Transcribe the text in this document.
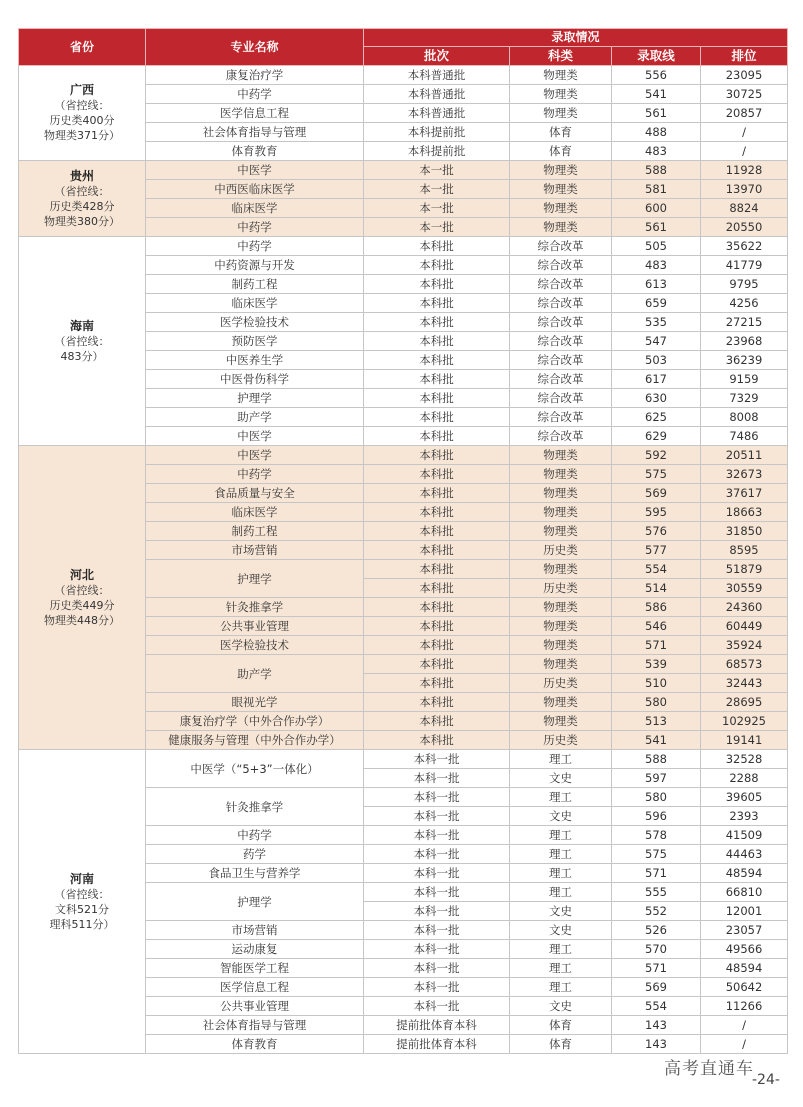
省份	专业名称	录取情况			
		批次	科类	录取线	排位

广西
（省控线：
历史类400分
物理类371分）	康复治疗学	本科普通批	物理类	556	23095
	中药学	本科普通批	物理类	541	30725
	医学信息工程	本科普通批	物理类	561	20857
	社会体育指导与管理	本科提前批	体育	488	/
	体育教育	本科提前批	体育	483	/

贵州
（省控线：
历史类428分
物理类380分）	中医学	本一批	物理类	588	11928
	中西医临床医学	本一批	物理类	581	13970
	临床医学	本一批	物理类	600	8824
	中药学	本一批	物理类	561	20550

海南
（省控线：
483分）	中药学	本科批	综合改革	505	35622
	中药资源与开发	本科批	综合改革	483	41779
	制药工程	本科批	综合改革	613	9795
	临床医学	本科批	综合改革	659	4256
	医学检验技术	本科批	综合改革	535	27215
	预防医学	本科批	综合改革	547	23968
	中医养生学	本科批	综合改革	503	36239
	中医骨伤科学	本科批	综合改革	617	9159
	护理学	本科批	综合改革	630	7329
	助产学	本科批	综合改革	625	8008
	中医学	本科批	综合改革	629	7486

河北
（省控线：
历史类449分
物理类448分）	中医学	本科批	物理类	592	20511
	中药学	本科批	物理类	575	32673
	食品质量与安全	本科批	物理类	569	37617
	临床医学	本科批	物理类	595	18663
	制药工程	本科批	物理类	576	31850
	市场营销	本科批	历史类	577	8595
	护理学	本科批	物理类	554	51879
		本科批	历史类	514	30559
	针灸推拿学	本科批	物理类	586	24360
	公共事业管理	本科批	物理类	546	60449
	医学检验技术	本科批	物理类	571	35924
	助产学	本科批	物理类	539	68573
		本科批	历史类	510	32443
	眼视光学	本科批	物理类	580	28695
	康复治疗学（中外合作办学）	本科批	物理类	513	102925
	健康服务与管理（中外合作办学）	本科批	历史类	541	19141

河南
（省控线：
文科521分
理科511分）	中医学（“5+3”一体化）	本科一批	理工	588	32528
		本科一批	文史	597	2288
	针灸推拿学	本科一批	理工	580	39605
		本科一批	文史	596	2393
	中药学	本科一批	理工	578	41509
	药学	本科一批	理工	575	44463
	食品卫生与营养学	本科一批	理工	571	48594
	护理学	本科一批	理工	555	66810
		本科一批	文史	552	12001
	市场营销	本科一批	文史	526	23057
	运动康复	本科一批	理工	570	49566
	智能医学工程	本科一批	理工	571	48594
	医学信息工程	本科一批	理工	569	50642
	公共事业管理	本科一批	文史	554	11266
	社会体育指导与管理	提前批体育本科	体育	143	/
	体育教育	提前批体育本科	体育	143	/
高考直通车
-24-
